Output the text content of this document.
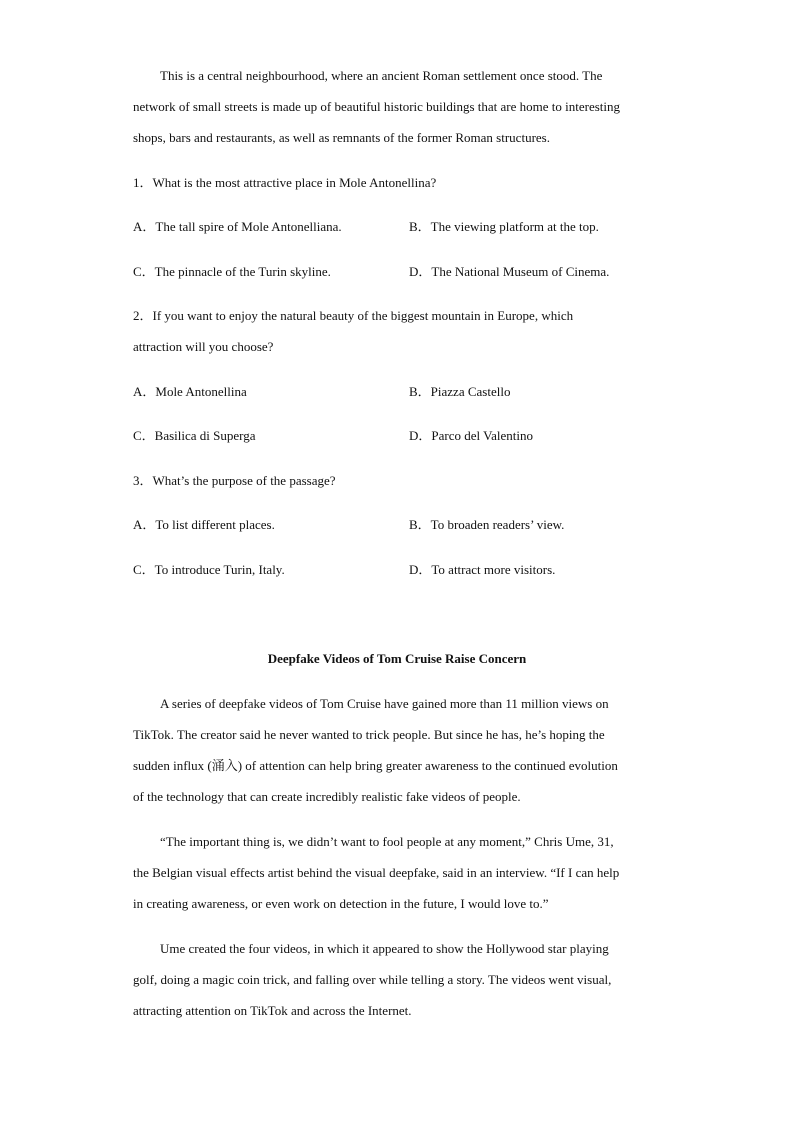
This is a central neighbourhood, where an ancient Roman settlement once stood. The
network of small streets is made up of beautiful historic buildings that are home to interesting
shops, bars and restaurants, as well as remnants of the former Roman structures.
1．What is the most attractive place in Mole Antonellina?
A．The tall spire of Mole Antonelliana.	B．The viewing platform at the top.
C．The pinnacle of the Turin skyline.	D．The National Museum of Cinema.
2．If you want to enjoy the natural beauty of the biggest mountain in Europe, which
attraction will you choose?
A．Mole Antonellina	B．Piazza Castello
C．Basilica di Superga	D．Parco del Valentino
3．What’s the purpose of the passage?
A．To list different places.	B．To broaden readers’ view.
C．To introduce Turin, Italy.	D．To attract more visitors.
Deepfake Videos of Tom Cruise Raise Concern
A series of deepfake videos of Tom Cruise have gained more than 11 million views on
TikTok. The creator said he never wanted to trick people. But since he has, he’s hoping the
sudden influx (涌入) of attention can help bring greater awareness to the continued evolution
of the technology that can create incredibly realistic fake videos of people.
“The important thing is, we didn’t want to fool people at any moment,” Chris Ume, 31,
the Belgian visual effects artist behind the visual deepfake, said in an interview. “If I can help
in creating awareness, or even work on detection in the future, I would love to.”
Ume created the four videos, in which it appeared to show the Hollywood star playing
golf, doing a magic coin trick, and falling over while telling a story. The videos went visual,
attracting attention on TikTok and across the Internet.
